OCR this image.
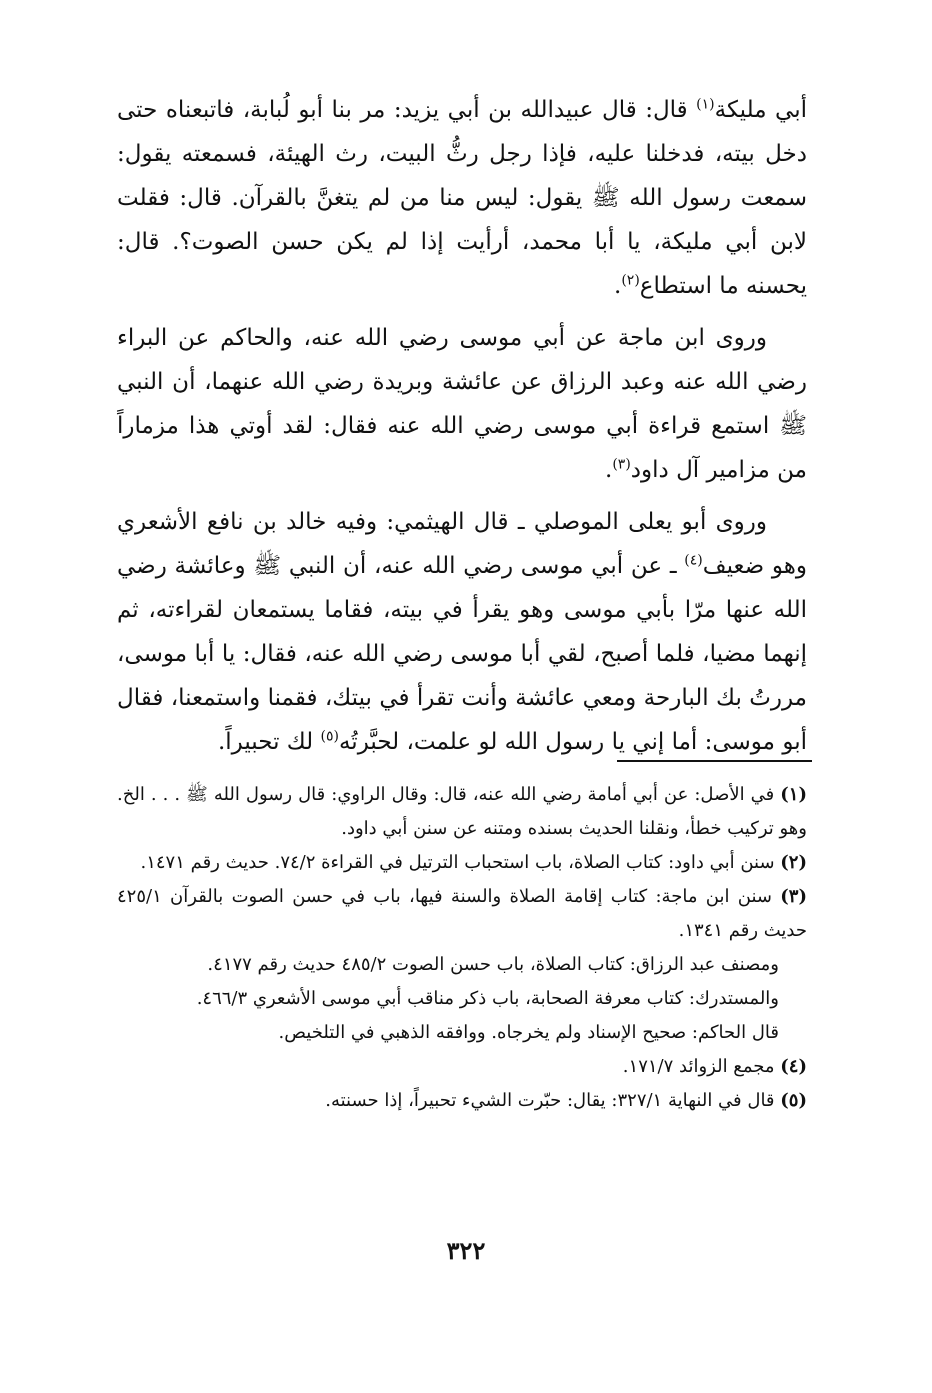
أبي مليكة$^{(١)}$ قال: قال عبيدالله بن أبي يزيد: مر بنا أبو لُبابة، فاتبعناه حتى دخل بيته، فدخلنا عليه، فإذا رجل رثُّ البيت، رث الهيئة، فسمعته يقول: سمعت رسول الله ﷺ يقول: ليس منا من لم يتغنَّ بالقرآن. قال: فقلت لابن أبي مليكة، يا أبا محمد، أرأيت إذا لم يكن حسن الصوت؟. قال: يحسنه ما استطاع$^{(٢)}$.

وروى ابن ماجة عن أبي موسى رضي الله عنه، والحاكم عن البراء رضي الله عنه وعبد الرزاق عن عائشة وبريدة رضي الله عنهما، أن النبي ﷺ استمع قراءة أبي موسى رضي الله عنه فقال: لقد أوتي هذا مزماراً من مزامير آل داود$^{(٣)}$.

وروى أبو يعلى الموصلي ـ قال الهيثمي: وفيه خالد بن نافع الأشعري وهو ضعيف$^{(٤)}$ ـ عن أبي موسى رضي الله عنه، أن النبي ﷺ وعائشة رضي الله عنها مرّا بأبي موسى وهو يقرأ في بيته، فقاما يستمعان لقراءته، ثم إنهما مضيا، فلما أصبح، لقي أبا موسى رضي الله عنه، فقال: يا أبا موسى، مررتُ بك البارحة ومعي عائشة وأنت تقرأ في بيتك، فقمنا واستمعنا، فقال أبو موسى: أما إني يا رسول الله لو علمت، لحبَّرتُه$^{(٥)}$ لك تحبيراً.

(١) في الأصل: عن أبي أمامة رضي الله عنه، قال: وقال الراوي: قال رسول الله ﷺ . . . الخ. وهو تركيب خطأ، ونقلنا الحديث بسنده ومتنه عن سنن أبي داود.

(٢) سنن أبي داود: كتاب الصلاة، باب استحباب الترتيل في القراءة ٧٤/٢. حديث رقم ١٤٧١.

(٣) سنن ابن ماجة: كتاب إقامة الصلاة والسنة فيها، باب في حسن الصوت بالقرآن ٤٢٥/١ حديث رقم ١٣٤١.

ومصنف عبد الرزاق: كتاب الصلاة، باب حسن الصوت ٤٨٥/٢ حديث رقم ٤١٧٧.

والمستدرك: كتاب معرفة الصحابة، باب ذكر مناقب أبي موسى الأشعري ٤٦٦/٣.

قال الحاكم: صحيح الإسناد ولم يخرجاه. ووافقه الذهبي في التلخيص.

(٤) مجمع الزوائد ١٧١/٧.

(٥) قال في النهاية ٣٢٧/١: يقال: حبّرت الشيء تحبيراً، إذا حسنته.

٣٢٢
